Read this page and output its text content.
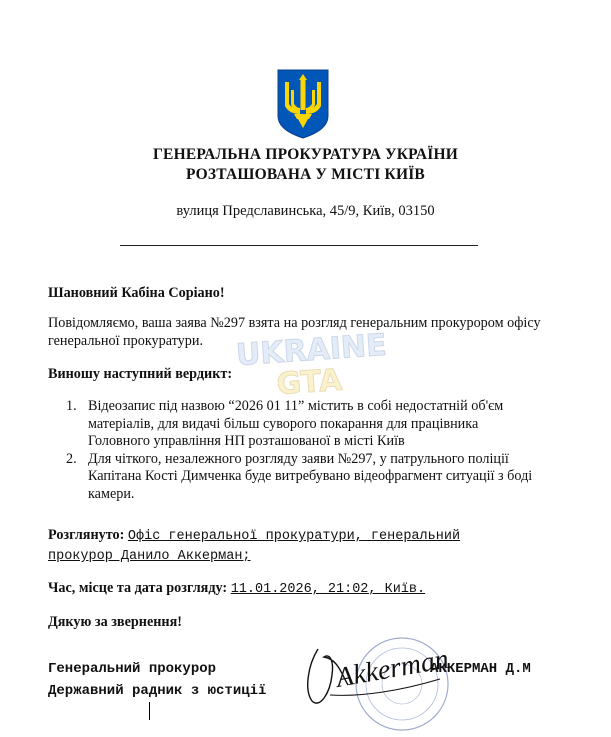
ГЕНЕРАЛЬНА ПРОКУРАТУРА УКРАЇНИ
РОЗТАШОВАНА У МІСТІ КИЇВ
вулиця Предславинська, 45/9, Київ, 03150
UKRAINE
GTA
Шановний Кабіна Соріано!
Повідомляємо, ваша заява №297 взята на розгляд генеральним прокурором офісу
генеральної прокуратури.
Виношу наступний вердикт:
1. Відеозапис під назвою “2026 01 11” містить в собі недостатній об'єм
матеріалів, для видачі більш суворого покарання для працівника
Головного управління НП розташованої в місті Київ
2. Для чіткого, незалежного розгляду заяви №297, у патрульного поліції
Капітана Кості Димченка буде витребувано відеофрагмент ситуації з боді
камери.
Розглянуто: Офіс генеральної прокуратури, генеральний
прокурор Данило Аккерман;
Час, місце та дата розгляду: 11.01.2026, 21:02, Київ.
Дякую за звернення!
Akkerman
Генеральний прокурор
Державний радник з юстиції
АККЕРМАН Д.М
